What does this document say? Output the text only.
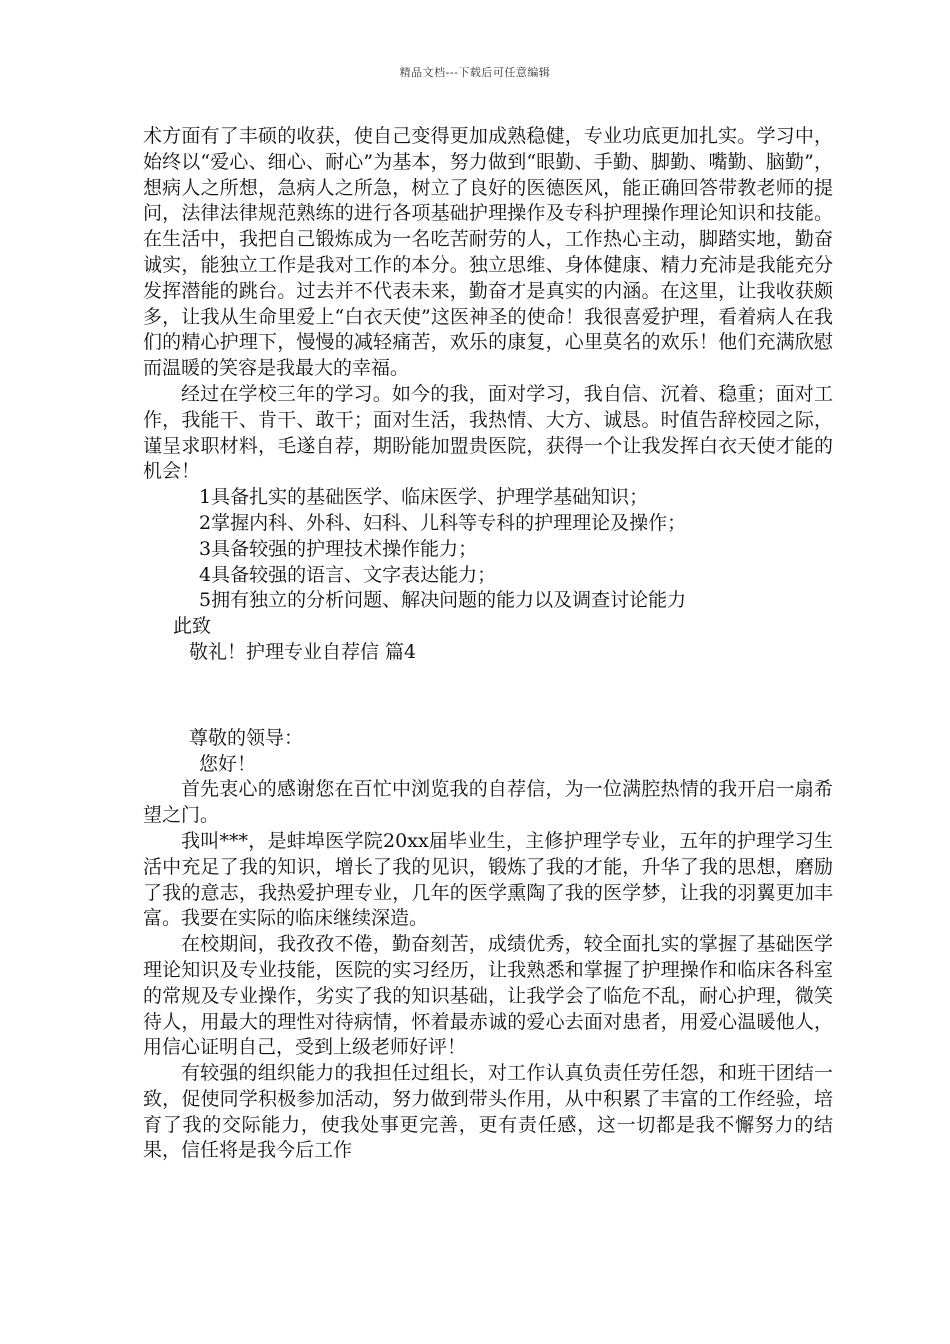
精品文档---下载后可任意编辑

术方面有了丰硕的收获，使自己变得更加成熟稳健，专业功底更加扎实。学习中，始终以“爱心、细心、耐心”为基本，努力做到“眼勤、手勤、脚勤、嘴勤、脑勤”，想病人之所想，急病人之所急，树立了良好的医德医风，能正确回答带教老师的提问，法律法律规范熟练的进行各项基础护理操作及专科护理操作理论知识和技能。在生活中，我把自己锻炼成为一名吃苦耐劳的人，工作热心主动，脚踏实地，勤奋诚实，能独立工作是我对工作的本分。独立思维、身体健康、精力充沛是我能充分发挥潜能的跳台。过去并不代表未来，勤奋才是真实的内涵。在这里，让我收获颇多，让我从生命里爱上“白衣天使”这医神圣的使命！我很喜爱护理，看着病人在我们的精心护理下，慢慢的减轻痛苦，欢乐的康复，心里莫名的欢乐！他们充满欣慰而温暖的笑容是我最大的幸福。

经过在学校三年的学习。如今的我，面对学习，我自信、沉着、稳重；面对工作，我能干、肯干、敢干；面对生活，我热情、大方、诚恳。时值告辞校园之际，谨呈求职材料，毛遂自荐，期盼能加盟贵医院，获得一个让我发挥白衣天使才能的机会！

1具备扎实的基础医学、临床医学、护理学基础知识；

2掌握内科、外科、妇科、儿科等专科的护理理论及操作；

3具备较强的护理技术操作能力；

4具备较强的语言、文字表达能力；

5拥有独立的分析问题、解决问题的能力以及调查讨论能力

此致

敬礼！护理专业自荐信 篇4

尊敬的领导：

您好！

首先衷心的感谢您在百忙中浏览我的自荐信，为一位满腔热情的我开启一扇希望之门。

我叫***，是蚌埠医学院20xx届毕业生，主修护理学专业，五年的护理学习生活中充足了我的知识，增长了我的见识，锻炼了我的才能，升华了我的思想，磨励了我的意志，我热爱护理专业，几年的医学熏陶了我的医学梦，让我的羽翼更加丰富。我要在实际的临床继续深造。

在校期间，我孜孜不倦，勤奋刻苦，成绩优秀，较全面扎实的掌握了基础医学理论知识及专业技能，医院的实习经历，让我熟悉和掌握了护理操作和临床各科室的常规及专业操作，劣实了我的知识基础，让我学会了临危不乱，耐心护理，微笑待人，用最大的理性对待病情，怀着最赤诚的爱心去面对患者，用爱心温暖他人，用信心证明自己，受到上级老师好评！

有较强的组织能力的我担任过组长，对工作认真负责任劳任怨，和班干团结一致，促使同学积极参加活动，努力做到带头作用，从中积累了丰富的工作经验，培育了我的交际能力，使我处事更完善，更有责任感，这一切都是我不懈努力的结果，信任将是我今后工作
